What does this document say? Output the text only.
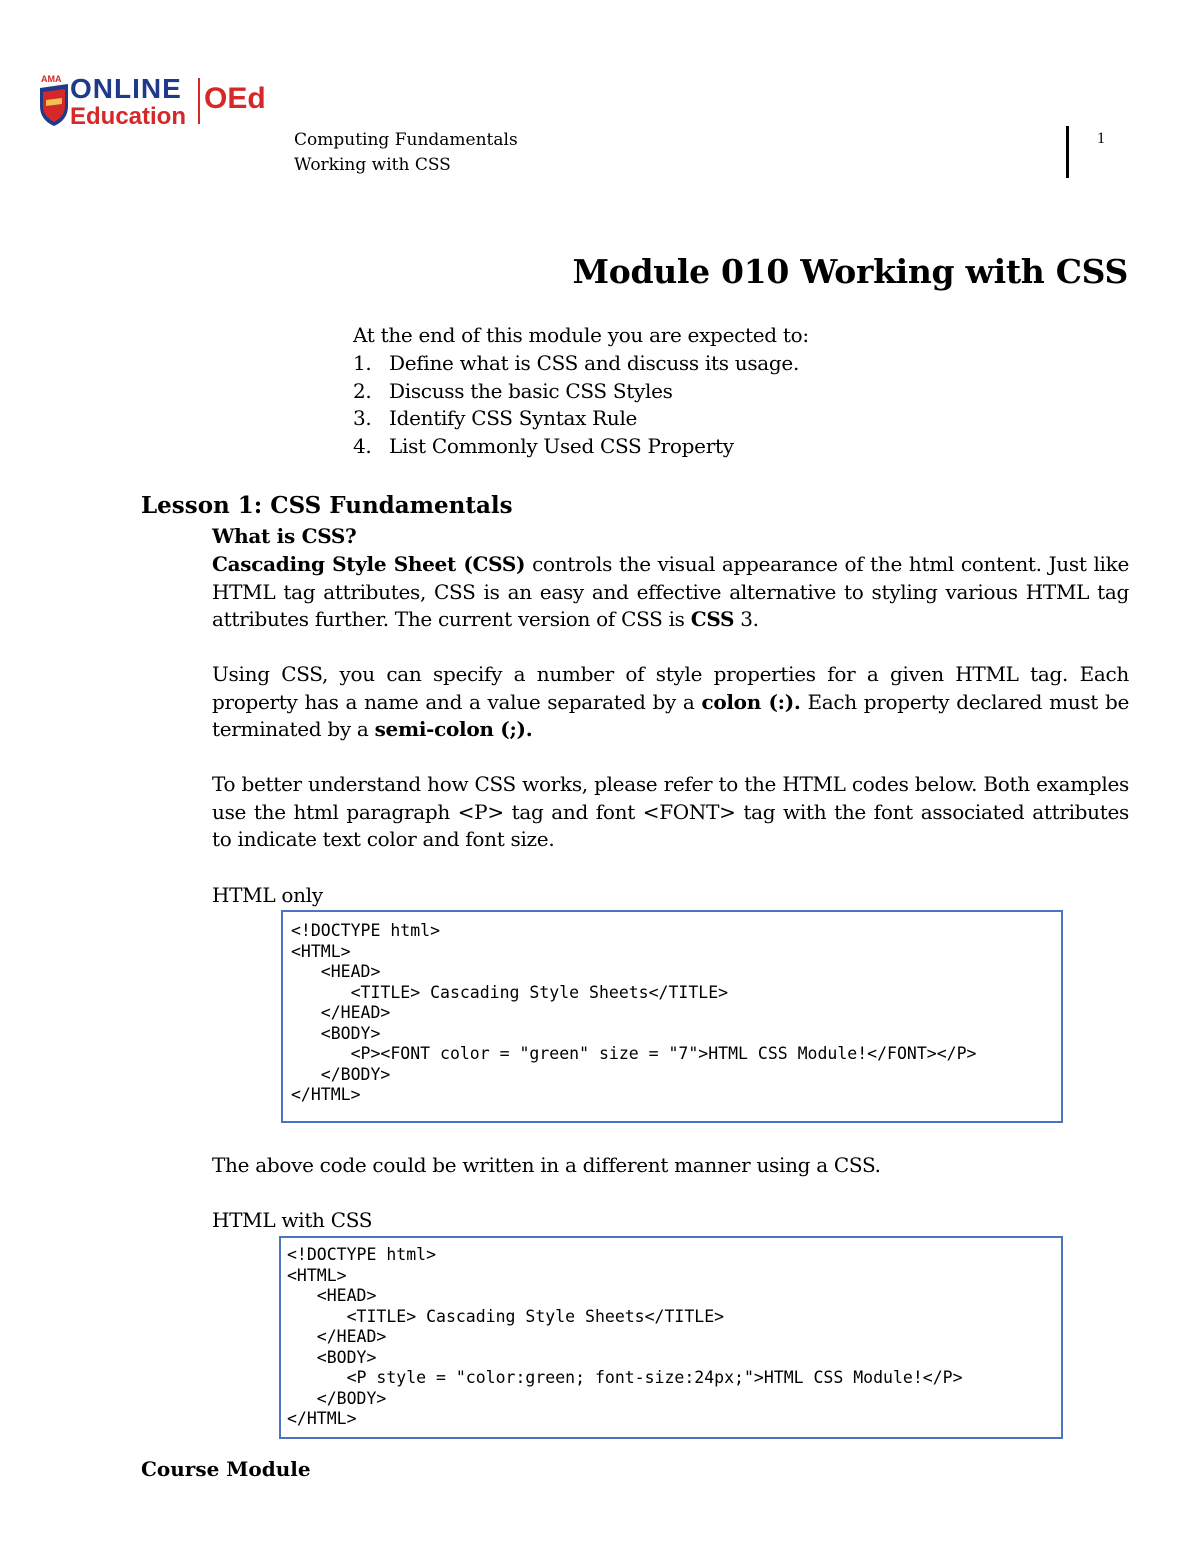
AMA ONLINE
Education
OEd
Computing Fundamentals
Working with CSS
1
Module 010 Working with CSS
At the end of this module you are expected to:
1. Define what is CSS and discuss its usage.
2. Discuss the basic CSS Styles
3. Identify CSS Syntax Rule
4. List Commonly Used CSS Property
Lesson 1: CSS Fundamentals
What is CSS?
Cascading Style Sheet (CSS) controls the visual appearance of the html content. Just like HTML tag attributes, CSS is an easy and effective alternative to styling various HTML tag attributes further. The current version of CSS is CSS 3.
Using CSS, you can specify a number of style properties for a given HTML tag. Each property has a name and a value separated by a colon (:). Each property declared must be terminated by a semi-colon (;).
To better understand how CSS works, please refer to the HTML codes below. Both examples use the html paragraph <P> tag and font <FONT> tag with the font associated attributes to indicate text color and font size.
HTML only
<!DOCTYPE html>
<HTML>
<HEAD>
<TITLE> Cascading Style Sheets</TITLE>
</HEAD>
<BODY>
<P><FONT color = "green" size = "7">HTML CSS Module!</FONT></P>
</BODY>
</HTML>
The above code could be written in a different manner using a CSS.
HTML with CSS
<!DOCTYPE html>
<HTML>
<HEAD>
<TITLE> Cascading Style Sheets</TITLE>
</HEAD>
<BODY>
<P style = "color:green; font-size:24px;">HTML CSS Module!</P>
</BODY>
</HTML>
Course Module
